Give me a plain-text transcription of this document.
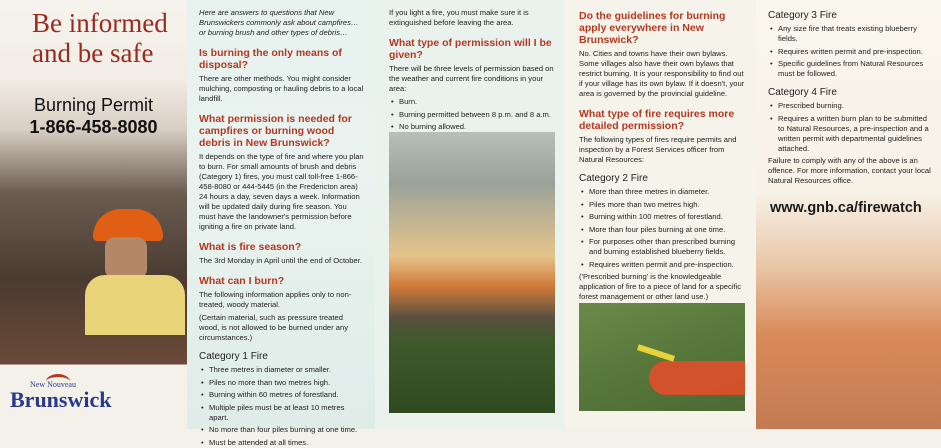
Be informed
and be safe
Burning Permit
1-866-458-8080
New Nouveau
Brunswick
Here are answers to questions that New Brunswickers commonly ask about campfires… or burning brush and other types of debris…
Is burning the only means of disposal?
There are other methods. You might consider mulching, composting or hauling debris to a local landfill.
What permission is needed for campfires or burning wood debris in New Brunswick?
It depends on the type of fire and where you plan to burn. For small amounts of brush and debris (Category 1) fires, you must call toll-free 1-866-458-8080 or 444-5445 (in the Fredericton area) 24 hours a day, seven days a week. Information will be updated daily during fire season. You must have the landowner's permission before igniting a fire on private land.
What is fire season?
The 3rd Monday in April until the end of October.
What can I burn?
The following information applies only to non-treated, woody material.
(Certain material, such as pressure treated wood, is not allowed to be burned under any circumstances.)
Category 1 Fire
• Three metres in diameter or smaller.
• Piles no more than two metres high.
• Burning within 60 metres of forestland.
• Multiple piles must be at least 10 metres apart.
• No more than four piles burning at one time.
• Must be attended at all times.
If you light a fire, you must make sure it is extinguished before leaving the area.
What type of permission will I be given?
There will be three levels of permission based on the weather and current fire conditions in your area:
• Burn.
• Burning permitted between 8 p.m. and 8 a.m.
• No burning allowed.
Do the guidelines for burning apply everywhere in New Brunswick?
No. Cities and towns have their own bylaws. Some villages also have their own bylaws that restrict burning. It is your responsibility to find out if your village has its own bylaw. If it doesn't, your area is governed by the provincial guideline.
What type of fire requires more detailed permission?
The following types of fires require permits and inspection by a Forest Services officer from Natural Resources:
Category 2 Fire
• More than three metres in diameter.
• Piles more than two metres high.
• Burning within 100 metres of forestland.
• More than four piles burning at one time.
• For purposes other than prescribed burning and burning established blueberry fields.
• Requires written permit and pre-inspection.
('Prescribed burning' is the knowledgeable application of fire to a piece of land for a specific forest management or other land use.)
Category 3 Fire
• Any size fire that treats existing blueberry fields.
• Requires written permit and pre-inspection.
• Specific guidelines from Natural Resources must be followed.
Category 4 Fire
• Prescribed burning.
• Requires a written burn plan to be submitted to Natural Resources, a pre-inspection and a written permit with departmental guidelines attached.
Failure to comply with any of the above is an offence. For more information, contact your local Natural Resources office.
www.gnb.ca/firewatch
